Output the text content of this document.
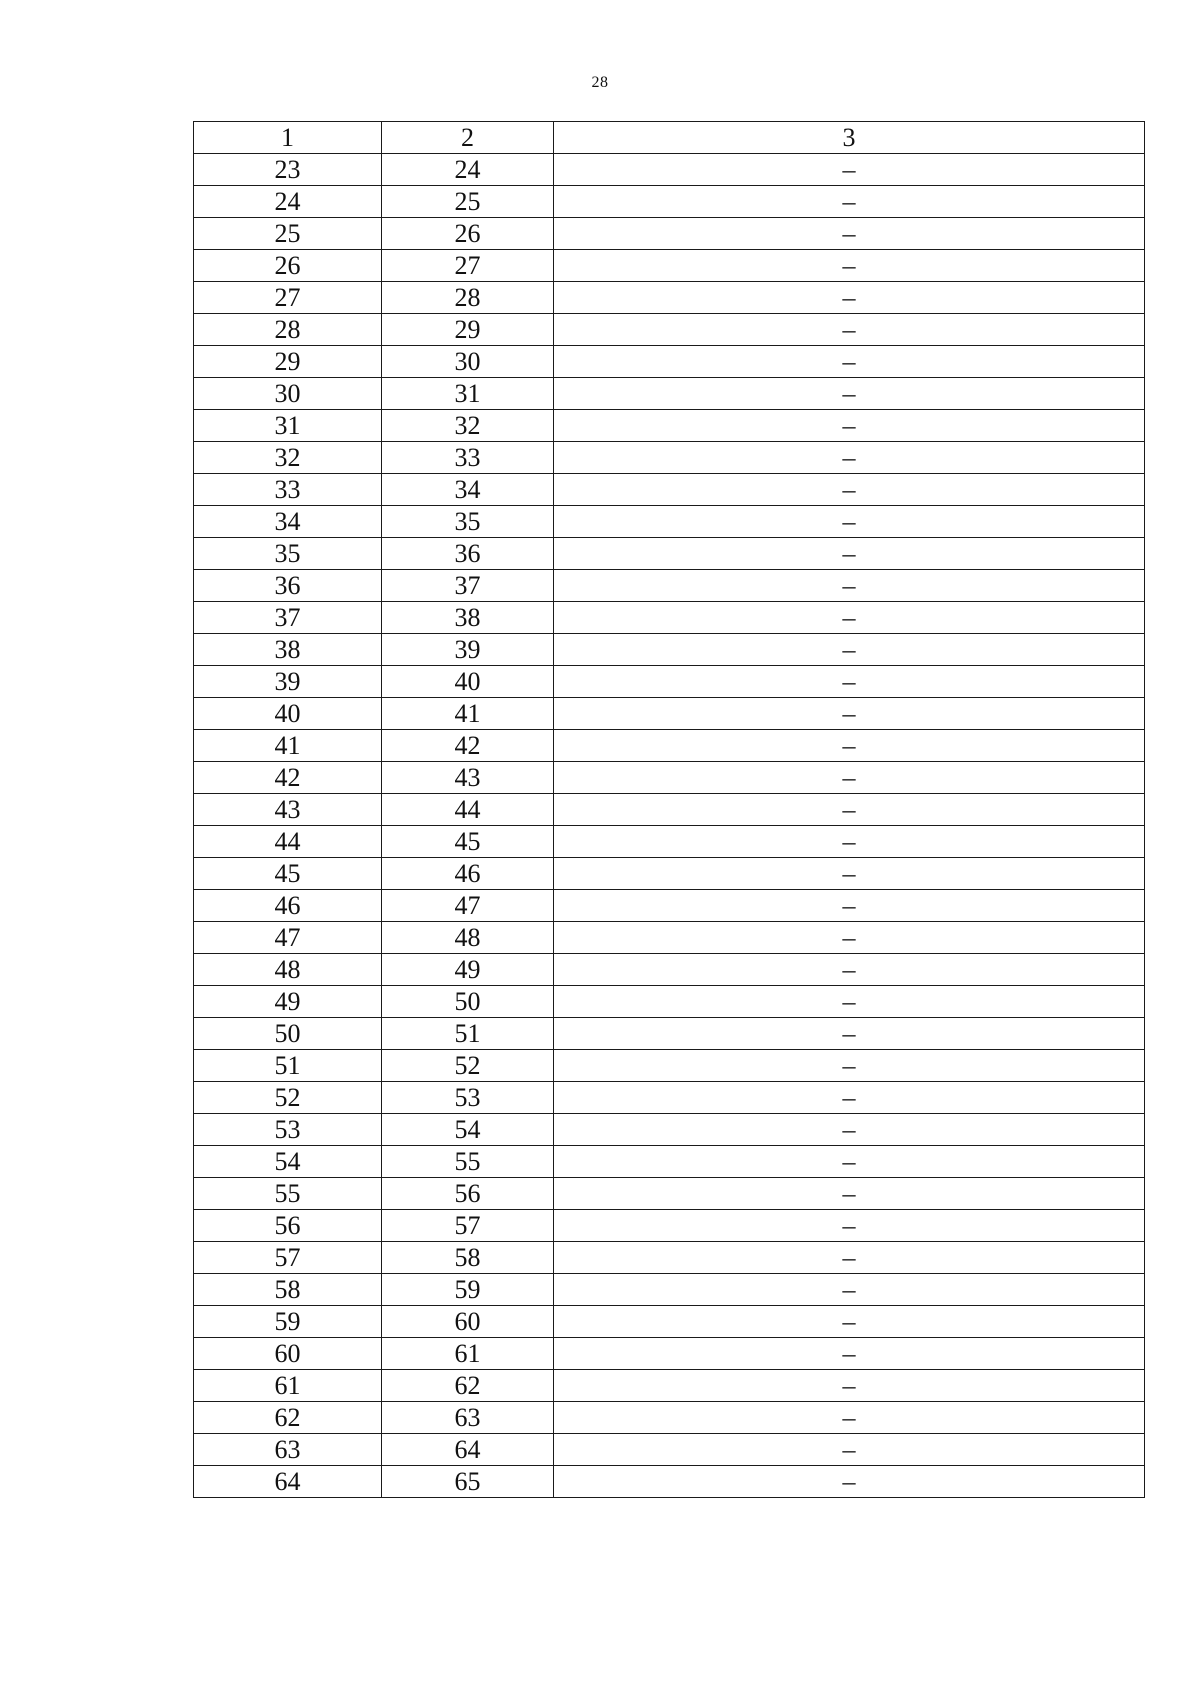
28
1	2	3
23	24	–
24	25	–
25	26	–
26	27	–
27	28	–
28	29	–
29	30	–
30	31	–
31	32	–
32	33	–
33	34	–
34	35	–
35	36	–
36	37	–
37	38	–
38	39	–
39	40	–
40	41	–
41	42	–
42	43	–
43	44	–
44	45	–
45	46	–
46	47	–
47	48	–
48	49	–
49	50	–
50	51	–
51	52	–
52	53	–
53	54	–
54	55	–
55	56	–
56	57	–
57	58	–
58	59	–
59	60	–
60	61	–
61	62	–
62	63	–
63	64	–
64	65	–
